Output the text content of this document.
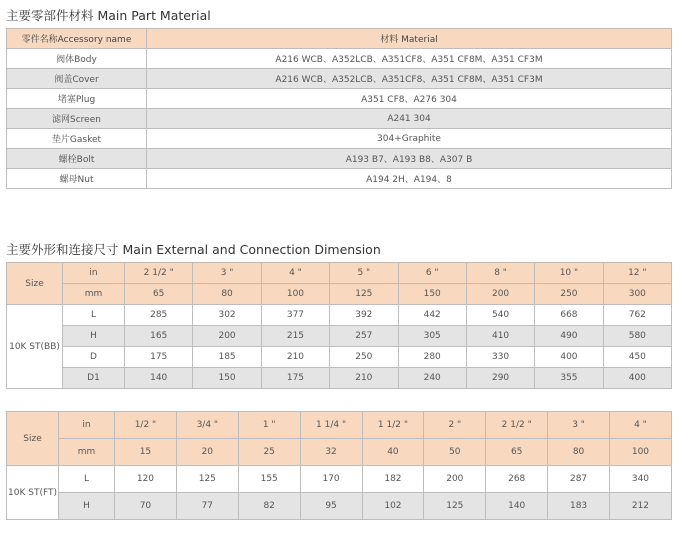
主要零部件材料 Main Part Material
零件名称Accessory name	材料 Material
阀体Body	A216 WCB、A352LCB、A351CF8、A351 CF8M、A351 CF3M
阀盖Cover	A216 WCB、A352LCB、A351CF8、A351 CF8M、A351 CF3M
堵塞Plug	A351 CF8、A276 304
滤网Screen	A241 304
垫片Gasket	304+Graphite
螺栓Bolt	A193 B7、A193 B8、A307 B
螺母Nut	A194 2H、A194、8
主要外形和连接尺寸 Main External and Connection Dimension
Size	in	2 1/2 "	3 "	4 "	5 "	6 "	8 "	10 "	12 "
	mm	65	80	100	125	150	200	250	300
10K ST(BB)	L	285	302	377	392	442	540	668	762
	H	165	200	215	257	305	410	490	580
	D	175	185	210	250	280	330	400	450
	D1	140	150	175	210	240	290	355	400
Size	in	1/2 "	3/4 "	1 "	1 1/4 "	1 1/2 "	2 "	2 1/2 "	3 "	4 "
	mm	15	20	25	32	40	50	65	80	100
10K ST(FT)	L	120	125	155	170	182	200	268	287	340
	H	70	77	82	95	102	125	140	183	212
